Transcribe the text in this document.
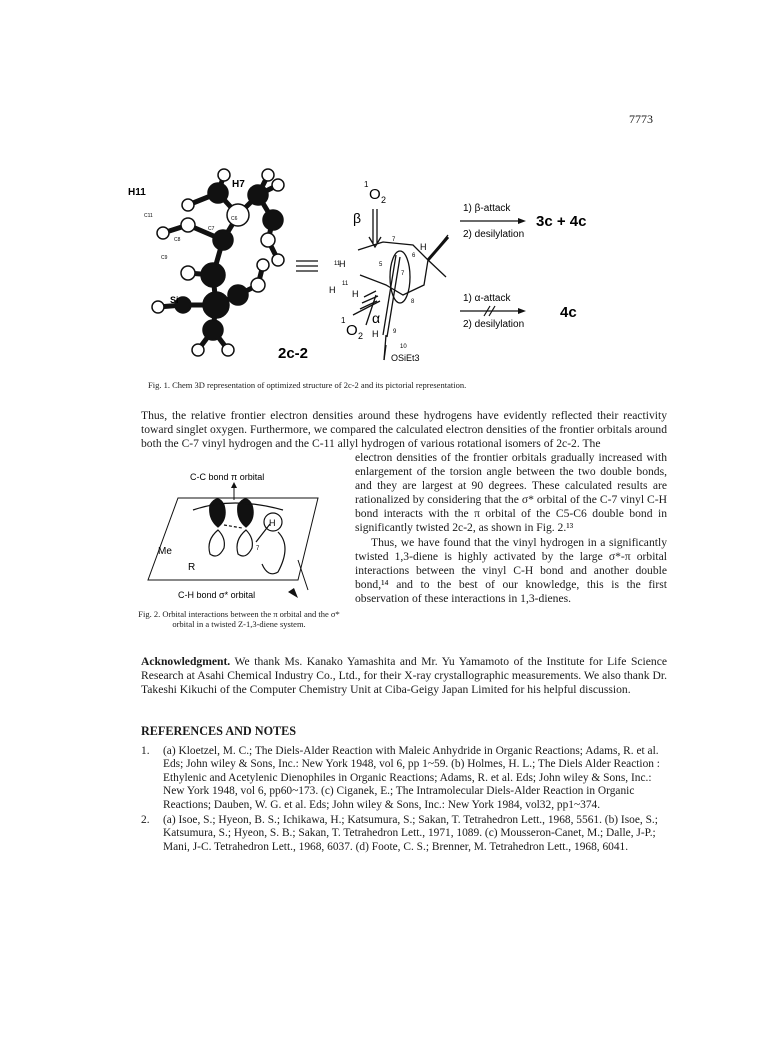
7773
H11
H7
C11
C8
C9
C7
C6
Si
2c-2
1
O 2
β
11
H
H
7
5
6
7
11
H H
8
α
1
O 2 H 9
10
OSiEt3
1) β-attack
2) desilylation
3c + 4c
1) α-attack
2) desilylation
4c
Fig. 1. Chem 3D representation of optimized structure of 2c-2 and its pictorial representation.
Thus, the relative frontier electron densities around these hydrogens have evidently reflected their reactivity toward singlet oxygen. Furthermore, we compared the calculated electron densities of the frontier orbitals around both the C-7 vinyl hydrogen and the C-11 allyl hydrogen of various rotational isomers of 2c-2. The
electron densities of the frontier orbitals gradually increased with enlargement of the torsion angle between the two double bonds, and they are largest at 90 degrees. These calculated results are rationalized by considering that the σ* orbital of the C-7 vinyl C-H bond interacts with the π orbital of the C5-C6 double bond in significantly twisted 2c-2, as shown in Fig. 2.¹³
Thus, we have found that the vinyl hydrogen in a significantly twisted 1,3-diene is highly activated by the large σ*-π orbital interactions between the vinyl C-H bond and another double bond,¹⁴ and to the best of our knowledge, this is the first observation of these interactions in 1,3-dienes.
C-C bond π orbital
H
7
Me
R
C-H bond σ* orbital
Fig. 2. Orbital interactions between the π orbital and the σ* orbital in a twisted Z-1,3-diene system.
Acknowledgment. We thank Ms. Kanako Yamashita and Mr. Yu Yamamoto of the Institute for Life Science Research at Asahi Chemical Industry Co., Ltd., for their X-ray crystallographic measurements. We also thank Dr. Takeshi Kikuchi of the Computer Chemistry Unit at Ciba-Geigy Japan Limited for his helpful discussion.
REFERENCES AND NOTES
1.	(a) Kloetzel, M. C.; The Diels-Alder Reaction with Maleic Anhydride in Organic Reactions; Adams, R. et al. Eds; John wiley & Sons, Inc.: New York 1948, vol 6, pp 1~59. (b) Holmes, H. L.; The Diels Alder Reaction : Ethylenic and Acetylenic Dienophiles in Organic Reactions; Adams, R. et al. Eds; John wiley & Sons, Inc.: New York 1948, vol 6, pp60~173. (c) Ciganek, E.; The Intramolecular Diels-Alder Reaction in Organic Reactions; Dauben, W. G. et al. Eds; John wiley & Sons, Inc.: New York 1984, vol32, pp1~374.
2.	(a) Isoe, S.; Hyeon, B. S.; Ichikawa, H.; Katsumura, S.; Sakan, T. Tetrahedron Lett., 1968, 5561. (b) Isoe, S.; Katsumura, S.; Hyeon, S. B.; Sakan, T. Tetrahedron Lett., 1971, 1089. (c) Mousseron-Canet, M.; Dalle, J-P.; Mani, J-C. Tetrahedron Lett., 1968, 6037. (d) Foote, C. S.; Brenner, M. Tetrahedron Lett., 1968, 6041.
